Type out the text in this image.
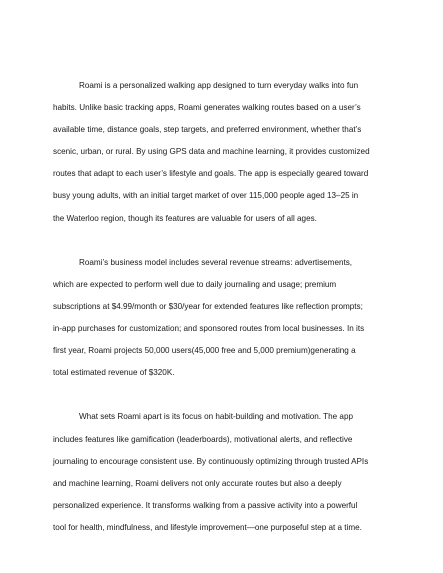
Roami is a personalized walking app designed to turn everyday walks into fun
habits. Unlike basic tracking apps, Roami generates walking routes based on a user’s
available time, distance goals, step targets, and preferred environment, whether that’s
scenic, urban, or rural. By using GPS data and machine learning, it provides customized
routes that adapt to each user’s lifestyle and goals. The app is especially geared toward
busy young adults, with an initial target market of over 115,000 people aged 13–25 in
the Waterloo region, though its features are valuable for users of all ages.

Roami’s business model includes several revenue streams: advertisements,
which are expected to perform well due to daily journaling and usage; premium
subscriptions at $4.99/month or $30/year for extended features like reflection prompts;
in-app purchases for customization; and sponsored routes from local businesses. In its
first year, Roami projects 50,000 users(45,000 free and 5,000 premium)generating a
total estimated revenue of $320K.

What sets Roami apart is its focus on habit-building and motivation. The app
includes features like gamification (leaderboards), motivational alerts, and reflective
journaling to encourage consistent use. By continuously optimizing through trusted APIs
and machine learning, Roami delivers not only accurate routes but also a deeply
personalized experience. It transforms walking from a passive activity into a powerful
tool for health, mindfulness, and lifestyle improvement—one purposeful step at a time.
